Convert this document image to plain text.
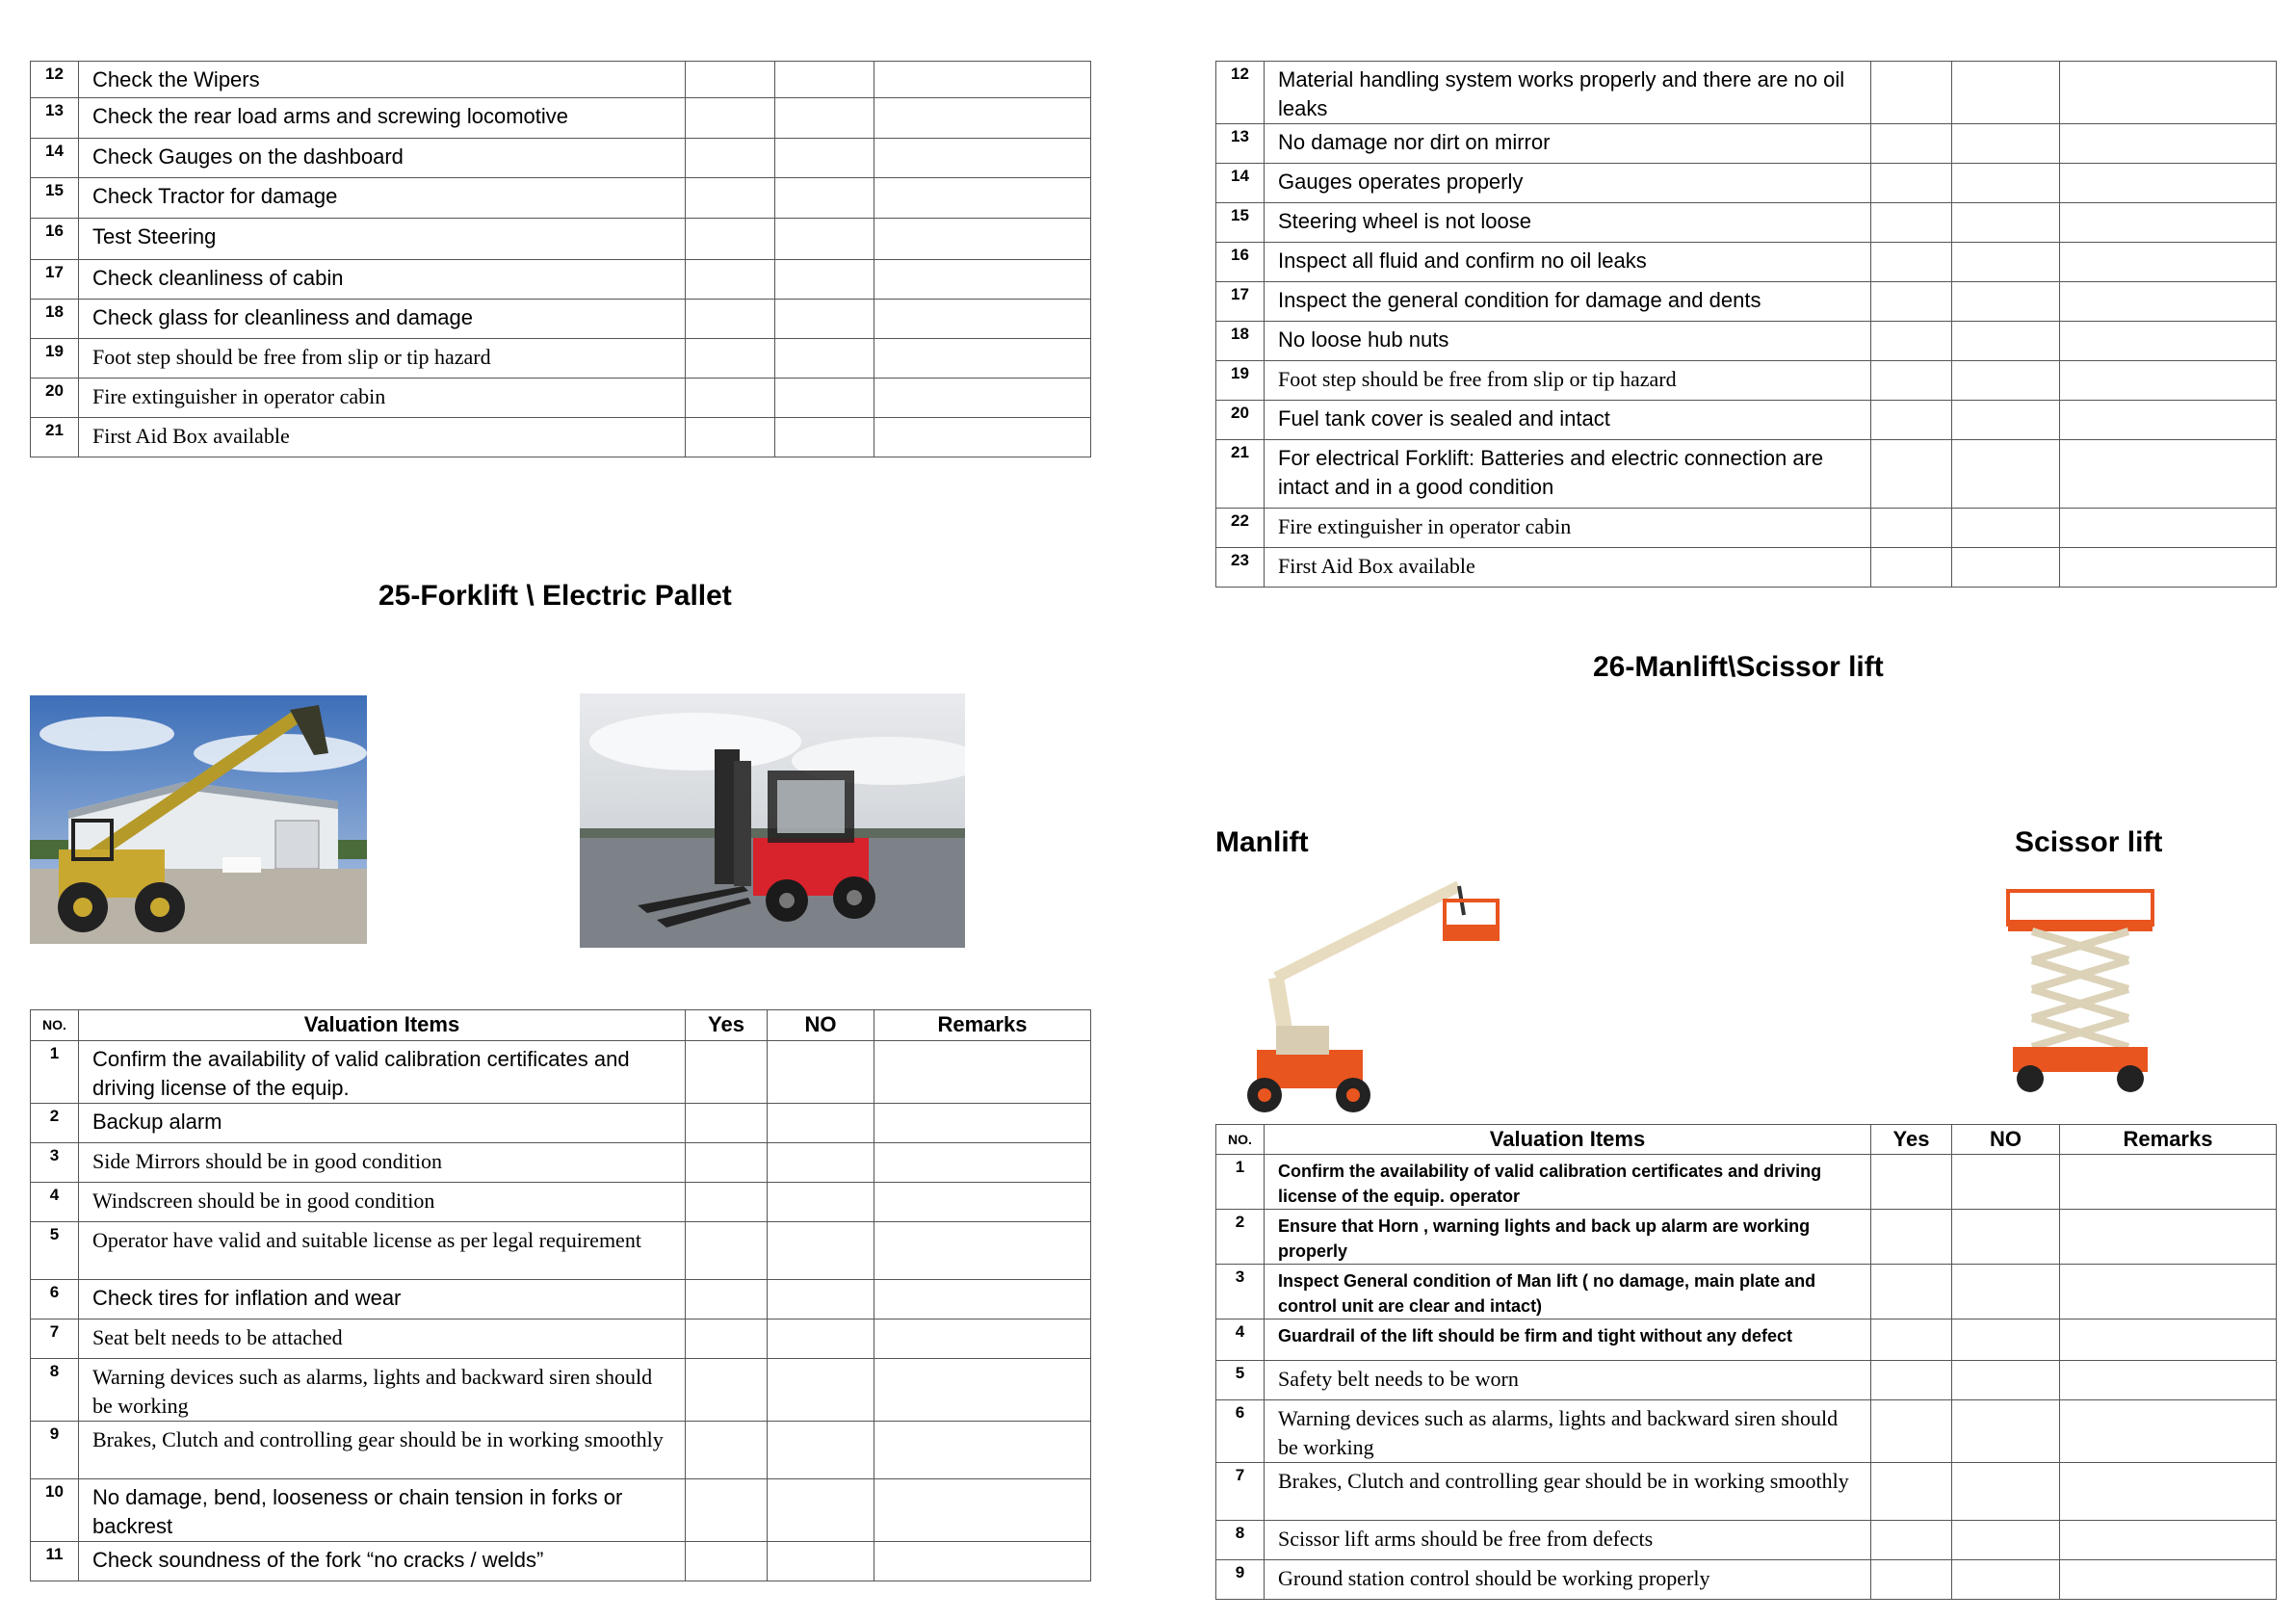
12	Check the Wipers			
13	Check the rear load arms and screwing locomotive			
14	Check Gauges on the dashboard			
15	Check Tractor for damage			
16	Test Steering			
17	Check cleanliness of cabin			
18	Check glass for cleanliness and damage			
19	Foot step should be free from slip or tip hazard			
20	Fire extinguisher in operator cabin			
21	First Aid Box available			
12	Material handling system works properly and there are no oil leaks			
13	No damage nor dirt on mirror			
14	Gauges operates properly			
15	Steering wheel is not loose			
16	Inspect all fluid and confirm no oil leaks			
17	Inspect the general condition for damage and dents			
18	No loose hub nuts			
19	Foot step should be free from slip or tip hazard			
20	Fuel tank cover is sealed and intact			
21	For electrical Forklift: Batteries and electric connection are intact and in a good condition			
22	Fire extinguisher in operator cabin			
23	First Aid Box available			
25-Forklift \ Electric Pallet
NO.	Valuation Items	Yes	NO	Remarks
1	Confirm the availability of valid calibration certificates and driving license of the equip.			
2	Backup alarm			
3	Side Mirrors should be in good condition			
4	Windscreen should be in good condition			
5	Operator have valid and suitable license as per legal requirement			
6	Check tires for inflation and wear			
7	Seat belt needs to be attached			
8	Warning devices such as alarms, lights and backward siren should be working			
9	Brakes, Clutch and controlling gear should be in working smoothly			
10	No damage, bend, looseness or chain tension in forks or backrest			
11	Check soundness of the fork “no cracks / welds”			
26-Manlift\Scissor lift
Manlift	Scissor lift
NO.	Valuation Items	Yes	NO	Remarks
1	Confirm the availability of valid calibration certificates and driving license of the equip. operator			
2	Ensure that Horn , warning lights and back up alarm are working properly			
3	Inspect General condition of Man lift ( no damage, main plate and control unit are clear and intact)			
4	Guardrail of the lift should be firm and tight without any defect			
5	Safety belt needs to be worn			
6	Warning devices such as alarms, lights and backward siren should be working			
7	Brakes, Clutch and controlling gear should be in working smoothly			
8	Scissor lift arms should be free from defects			
9	Ground station control should be working properly			
